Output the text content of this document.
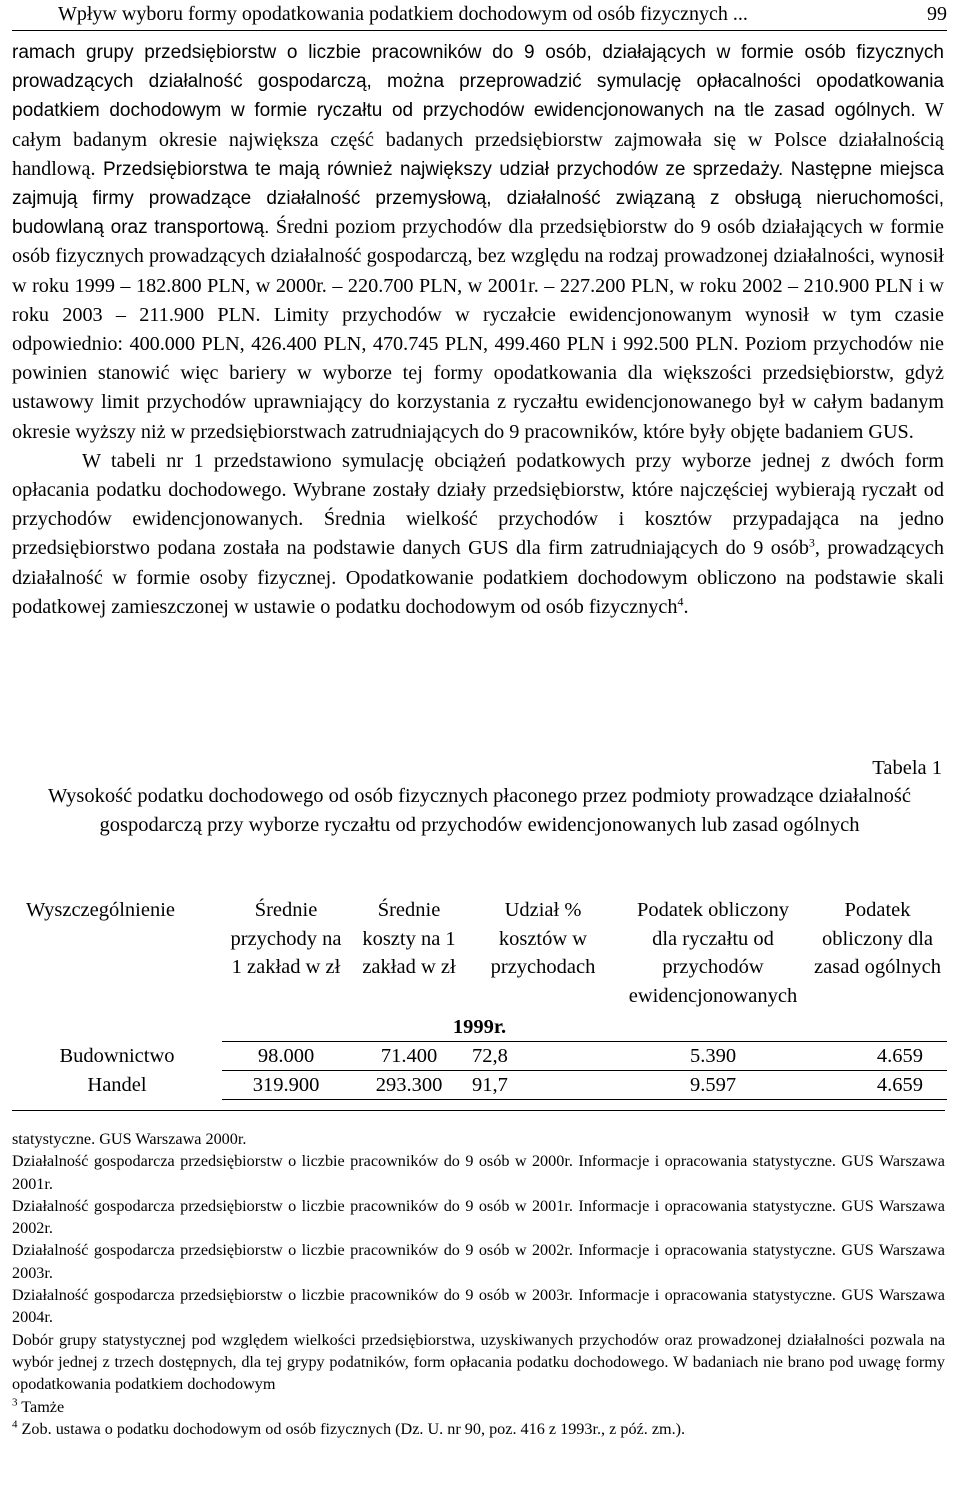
Wpływ wyboru formy opodatkowania podatkiem dochodowym od osób fizycznych ...	99

ramach grupy przedsiębiorstw o liczbie pracowników do 9 osób, działających w formie osób fizycznych prowadzących działalność gospodarczą, można przeprowadzić symulację opłacalności opodatkowania podatkiem dochodowym w formie ryczałtu od przychodów ewidencjonowanych na tle zasad ogólnych. W całym badanym okresie największa część badanych przedsiębiorstw zajmowała się w Polsce działalnością handlową. Przedsiębiorstwa te mają również największy udział przychodów ze sprzedaży. Następne miejsca zajmują firmy prowadzące działalność przemysłową, działalność związaną z obsługą nieruchomości, budowlaną oraz transportową. Średni poziom przychodów dla przedsiębiorstw do 9 osób działających w formie osób fizycznych prowadzących działalność gospodarczą, bez względu na rodzaj prowadzonej działalności, wynosił w roku 1999 – 182.800 PLN, w 2000r. – 220.700 PLN, w 2001r. – 227.200 PLN, w roku 2002 – 210.900 PLN i w roku 2003 – 211.900 PLN. Limity przychodów w ryczałcie ewidencjonowanym wynosił w tym czasie odpowiednio: 400.000 PLN, 426.400 PLN, 470.745 PLN, 499.460 PLN i 992.500 PLN. Poziom przychodów nie powinien stanowić więc bariery w wyborze tej formy opodatkowania dla większości przedsiębiorstw, gdyż ustawowy limit przychodów uprawniający do korzystania z ryczałtu ewidencjonowanego był w całym badanym okresie wyższy niż w przedsiębiorstwach zatrudniających do 9 pracowników, które były objęte badaniem GUS.

W tabeli nr 1 przedstawiono symulację obciążeń podatkowych przy wyborze jednej z dwóch form opłacania podatku dochodowego. Wybrane zostały działy przedsiębiorstw, które najczęściej wybierają ryczałt od przychodów ewidencjonowanych. Średnia wielkość przychodów i kosztów przypadająca na jedno przedsiębiorstwo podana została na podstawie danych GUS dla firm zatrudniających do 9 osób$^3$, prowadzących działalność w formie osoby fizycznej. Opodatkowanie podatkiem dochodowym obliczono na podstawie skali podatkowej zamieszczonej w ustawie o podatku dochodowym od osób fizycznych$^4$.

Tabela 1
Wysokość podatku dochodowego od osób fizycznych płaconego przez podmioty prowadzące działalność gospodarczą przy wyborze ryczałtu od przychodów ewidencjonowanych lub zasad ogólnych
Wyszczególnienie	Średnie przychody na 1 zakład w zł	Średnie koszty na 1 zakład w zł	Udział % kosztów w przychodach	Podatek obliczony dla ryczałtu od przychodów ewidencjonowanych	Podatek obliczony dla zasad ogólnych
1999r.					
Budownictwo	98.000	71.400	72,8	5.390	4.659
Handel	319.900	293.300	91,7	9.597	4.659

statystyczne. GUS Warszawa 2000r.

Działalność gospodarcza przedsiębiorstw o liczbie pracowników do 9 osób w 2000r. Informacje i opracowania statystyczne. GUS Warszawa 2001r.

Działalność gospodarcza przedsiębiorstw o liczbie pracowników do 9 osób w 2001r. Informacje i opracowania statystyczne. GUS Warszawa 2002r.

Działalność gospodarcza przedsiębiorstw o liczbie pracowników do 9 osób w 2002r. Informacje i opracowania statystyczne. GUS Warszawa 2003r.

Działalność gospodarcza przedsiębiorstw o liczbie pracowników do 9 osób w 2003r. Informacje i opracowania statystyczne. GUS Warszawa 2004r.

Dobór grupy statystycznej pod względem wielkości przedsiębiorstwa, uzyskiwanych przychodów oraz prowadzonej działalności pozwala na wybór jednej z trzech dostępnych, dla tej grypy podatników, form opłacania podatku dochodowego. W badaniach nie brano pod uwagę formy opodatkowania podatkiem dochodowym

$^3$ Tamże

$^4$ Zob. ustawa o podatku dochodowym od osób fizycznych (Dz. U. nr 90, poz. 416 z 1993r., z póź. zm.).
